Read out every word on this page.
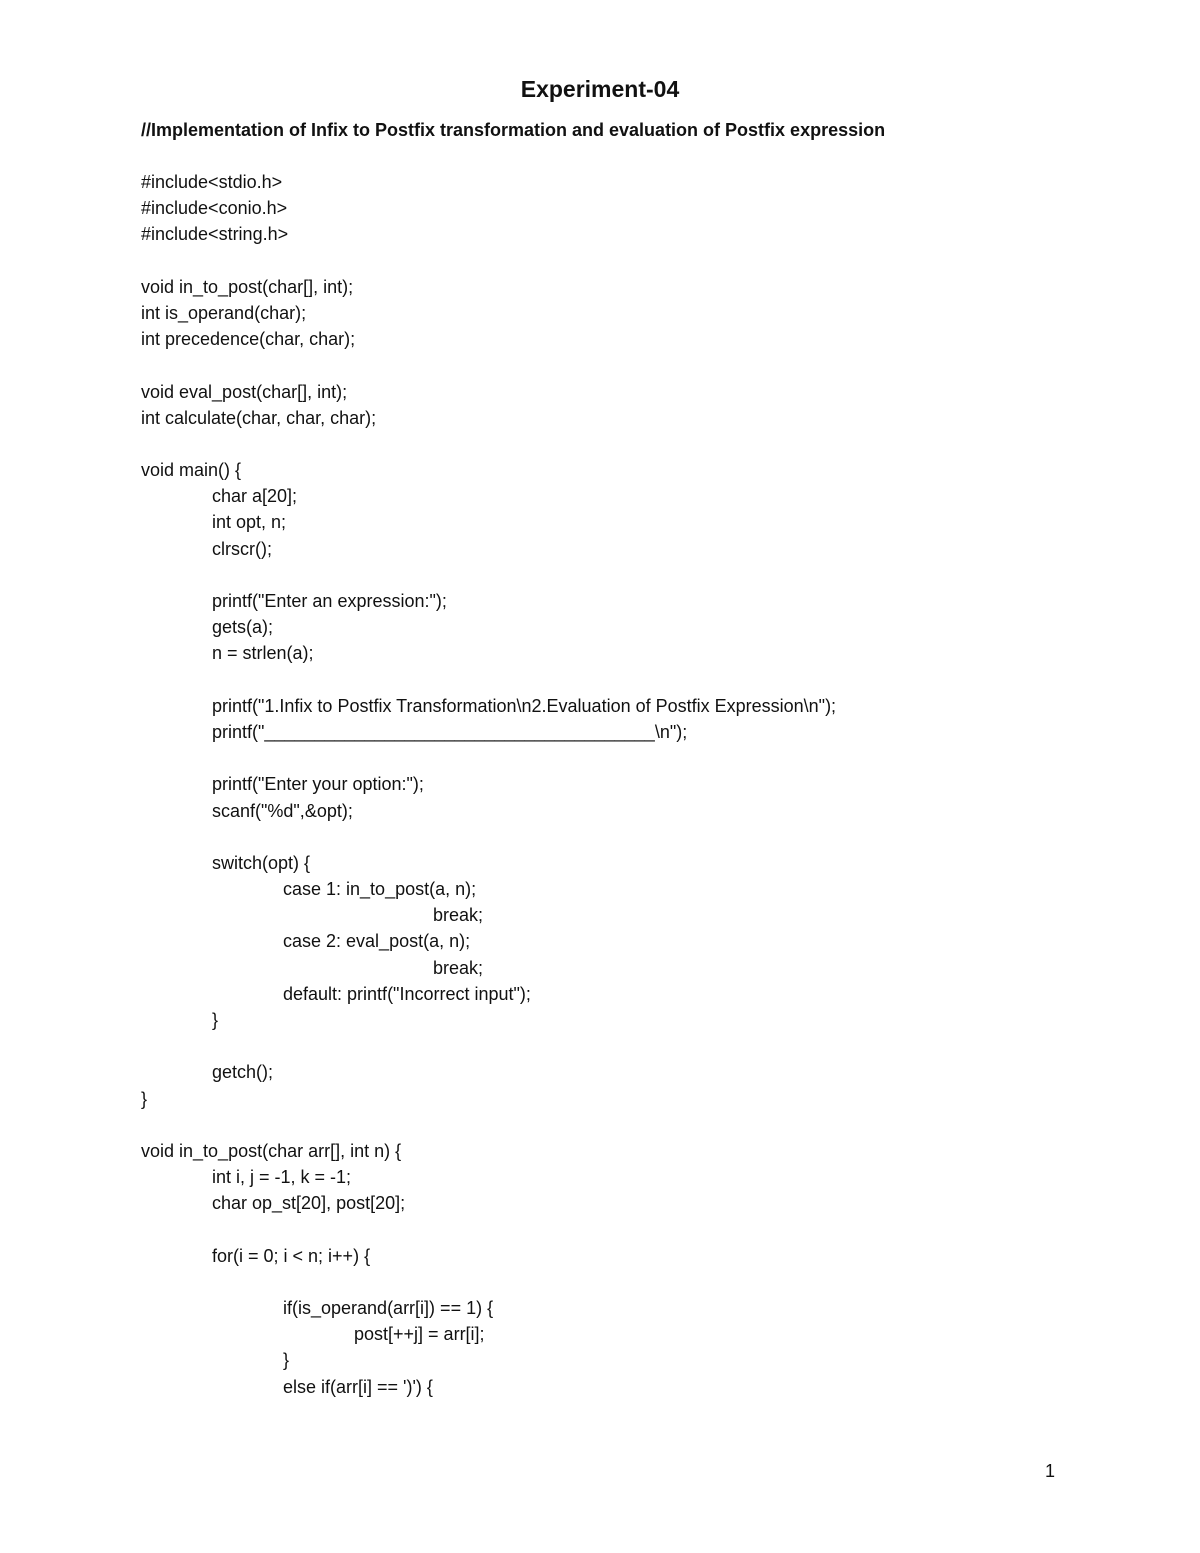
Experiment-04
//Implementation of Infix to Postfix transformation and evaluation of Postfix expression
#include<stdio.h>
#include<conio.h>
#include<string.h>
void in_to_post(char[], int);
int is_operand(char);
int precedence(char, char);
void eval_post(char[], int);
int calculate(char, char, char);
void main() {
char a[20];
int opt, n;
clrscr();
printf("Enter an expression:");
gets(a);
n = strlen(a);
printf("1.Infix to Postfix Transformation\n2.Evaluation of Postfix Expression\n");
printf("_______________________________________\n");
printf("Enter your option:");
scanf("%d",&opt);
switch(opt) {
case 1: in_to_post(a, n);
break;
case 2: eval_post(a, n);
break;
default: printf("Incorrect input");
}
getch();
}
void in_to_post(char arr[], int n) {
int i, j = -1, k = -1;
char op_st[20], post[20];
for(i = 0; i < n; i++) {
if(is_operand(arr[i]) == 1) {
post[++j] = arr[i];
}
else if(arr[i] == ')') {
1
